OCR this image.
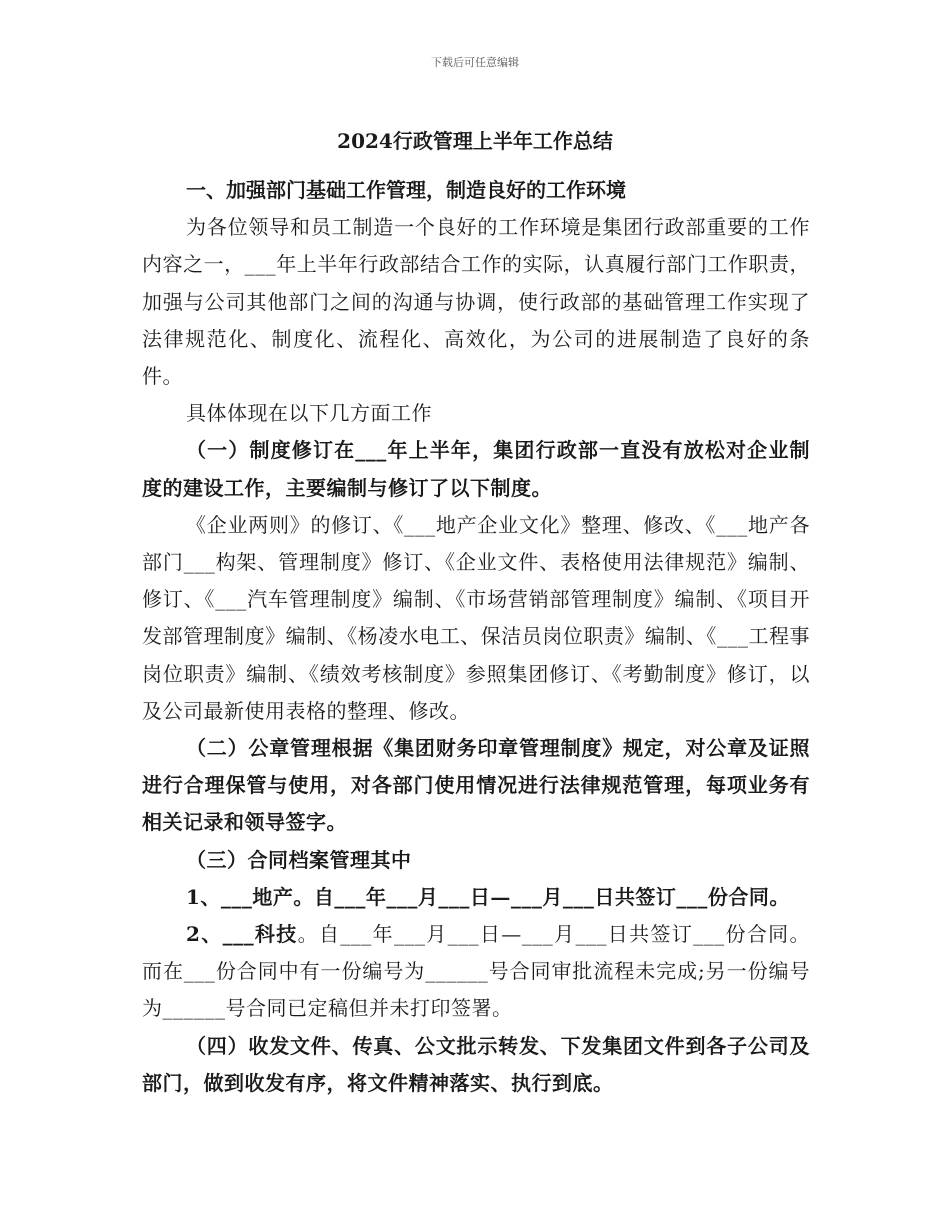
下载后可任意编辑
2024行政管理上半年工作总结
一、加强部门基础工作管理，制造良好的工作环境

为各位领导和员工制造一个良好的工作环境是集团行政部重要的工作内容之一，___年上半年行政部结合工作的实际，认真履行部门工作职责，加强与公司其他部门之间的沟通与协调，使行政部的基础管理工作实现了法律规范化、制度化、流程化、高效化，为公司的进展制造了良好的条件。

具体体现在以下几方面工作

（一）制度修订在___年上半年，集团行政部一直没有放松对企业制度的建设工作，主要编制与修订了以下制度。

《企业两则》的修订、《___地产企业文化》整理、修改、《___地产各部门___构架、管理制度》修订、《企业文件、表格使用法律规范》编制、修订、《___汽车管理制度》编制、《市场营销部管理制度》编制、《项目开发部管理制度》编制、《杨凌水电工、保洁员岗位职责》编制、《___工程事岗位职责》编制、《绩效考核制度》参照集团修订、《考勤制度》修订，以及公司最新使用表格的整理、修改。

（二）公章管理根据《集团财务印章管理制度》规定，对公章及证照进行合理保管与使用，对各部门使用情况进行法律规范管理，每项业务有相关记录和领导签字。

（三）合同档案管理其中

1、___地产。自___年___月___日—___月___日共签订___份合同。

2、___科技。自___年___月___日—___月___日共签订___份合同。而在___份合同中有一份编号为______号合同审批流程未完成;另一份编号为______号合同已定稿但并未打印签署。

（四）收发文件、传真、公文批示转发、下发集团文件到各子公司及部门，做到收发有序，将文件精神落实、执行到底。
